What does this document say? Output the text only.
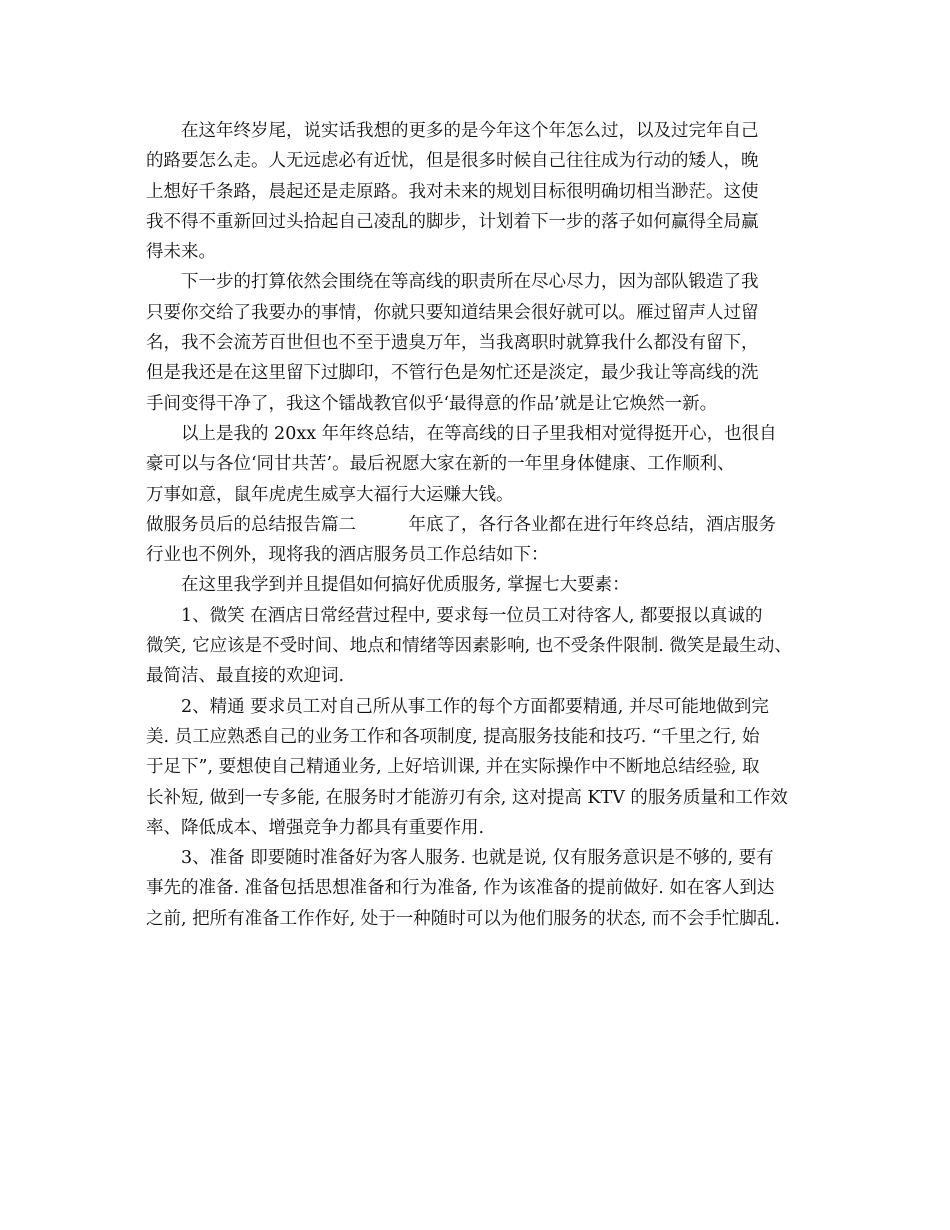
　　在这年终岁尾，说实话我想的更多的是今年这个年怎么过，以及过完年自己
的路要怎么走。人无远虑必有近忧，但是很多时候自己往往成为行动的矮人，晚
上想好千条路，晨起还是走原路。我对未来的规划目标很明确切相当渺茫。这使
我不得不重新回过头拾起自己凌乱的脚步，计划着下一步的落子如何赢得全局赢
得未来。
　　下一步的打算依然会围绕在等高线的职责所在尽心尽力，因为部队锻造了我
只要你交给了我要办的事情，你就只要知道结果会很好就可以。雁过留声人过留
名，我不会流芳百世但也不至于遗臭万年，当我离职时就算我什么都没有留下，
但是我还是在这里留下过脚印，不管行色是匆忙还是淡定，最少我让等高线的洗
手间变得干净了，我这个镭战教官似乎‘最得意的作品’就是让它焕然一新。
　　以上是我的 20xx 年年终总结，在等高线的日子里我相对觉得挺开心，也很自
豪可以与各位‘同甘共苦’。最后祝愿大家在新的一年里身体健康、工作顺利、
万事如意，鼠年虎虎生威享大福行大运赚大钱。
做服务员后的总结报告篇二　　　年底了，各行各业都在进行年终总结，酒店服务
行业也不例外，现将我的酒店服务员工作总结如下：
　　在这里我学到并且提倡如何搞好优质服务, 掌握七大要素：
　　1、微笑 在酒店日常经营过程中, 要求每一位员工对待客人, 都要报以真诚的
微笑, 它应该是不受时间、地点和情绪等因素影响, 也不受条件限制. 微笑是最生动、
最简洁、最直接的欢迎词.
　　2、精通 要求员工对自己所从事工作的每个方面都要精通, 并尽可能地做到完
美. 员工应熟悉自己的业务工作和各项制度, 提高服务技能和技巧. “千里之行, 始
于足下”, 要想使自己精通业务, 上好培训课, 并在实际操作中不断地总结经验, 取
长补短, 做到一专多能, 在服务时才能游刃有余, 这对提高 KTV 的服务质量和工作效
率、降低成本、增强竞争力都具有重要作用.
　　3、准备 即要随时准备好为客人服务. 也就是说, 仅有服务意识是不够的, 要有
事先的准备. 准备包括思想准备和行为准备, 作为该准备的提前做好. 如在客人到达
之前, 把所有准备工作作好, 处于一种随时可以为他们服务的状态, 而不会手忙脚乱.
